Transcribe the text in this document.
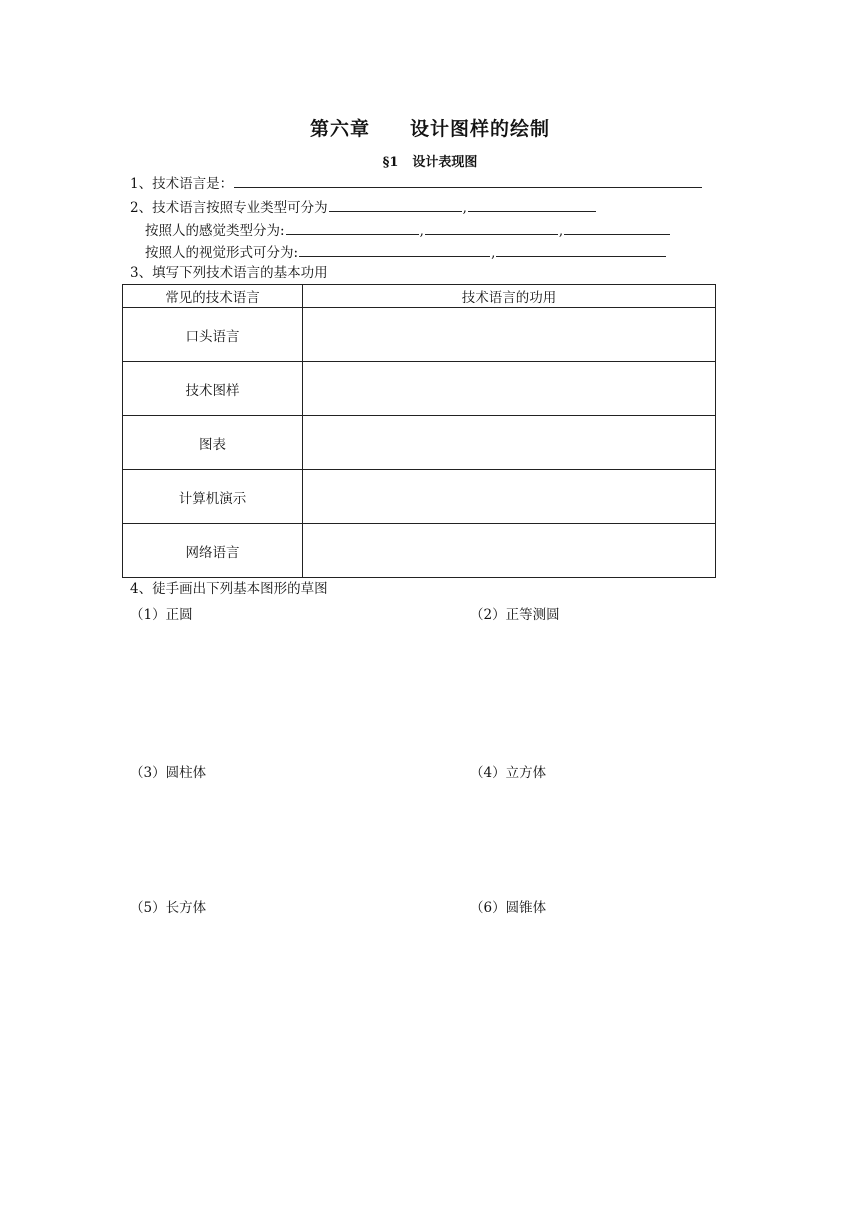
第六章 设计图样的绘制
§1 设计表现图
1、技术语言是：
2、技术语言按照专业类型可分为	,
按照人的感觉类型分为:	,	,
按照人的视觉形式可分为:	,
3、填写下列技术语言的基本功用
常见的技术语言	技术语言的功用
口头语言	
技术图样	
图表	
计算机演示	
网络语言	
4、徒手画出下列基本图形的草图
（1）正圆	（2）正等测圆
（3）圆柱体	（4）立方体
（5）长方体	（6）圆锥体
